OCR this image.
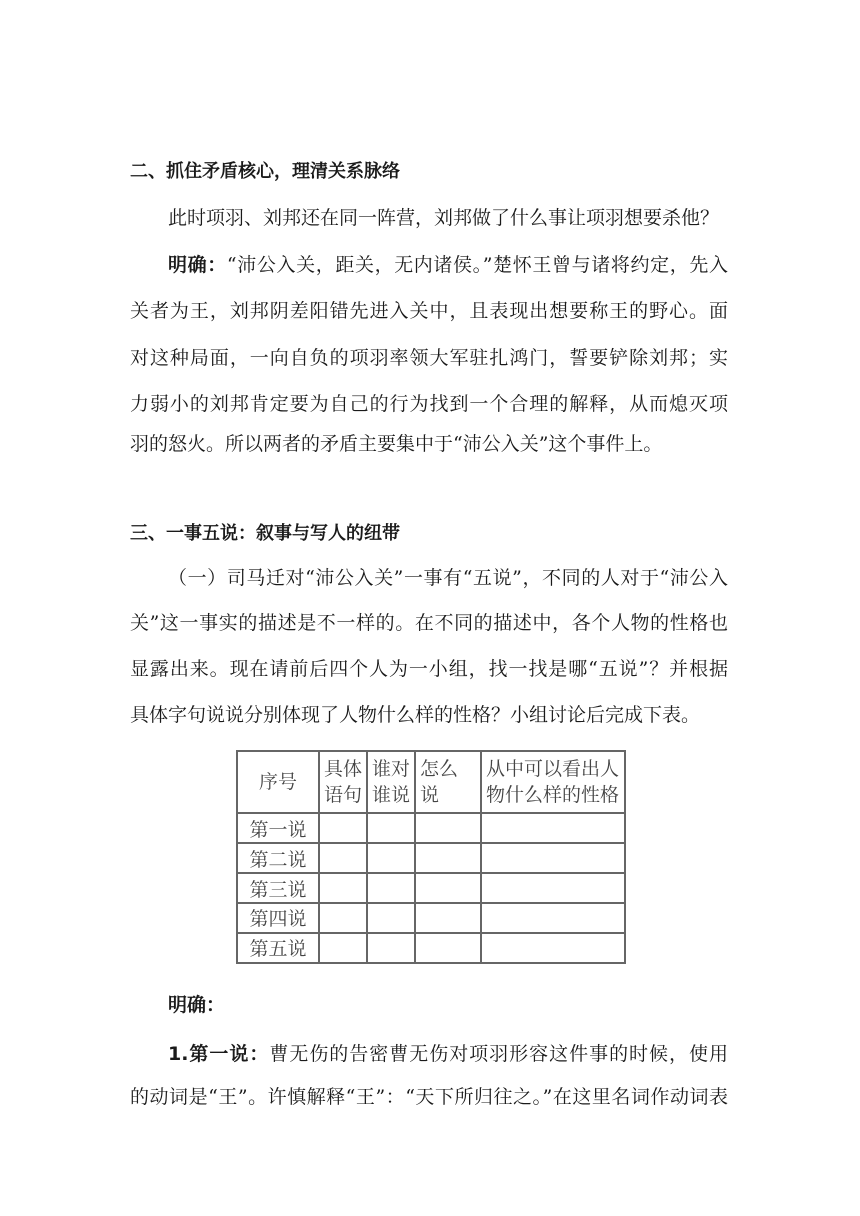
二、抓住矛盾核心，理清关系脉络
此时项羽、刘邦还在同一阵营，刘邦做了什么事让项羽想要杀他？
明确：“沛公入关，距关，无内诸侯。”楚怀王曾与诸将约定，先入
关者为王，刘邦阴差阳错先进入关中，且表现出想要称王的野心。面
对这种局面，一向自负的项羽率领大军驻扎鸿门，誓要铲除刘邦；实
力弱小的刘邦肯定要为自己的行为找到一个合理的解释，从而熄灭项
羽的怒火。所以两者的矛盾主要集中于“沛公入关”这个事件上。
三、一事五说：叙事与写人的纽带
（一）司马迁对“沛公入关”一事有“五说”，不同的人对于“沛公入
关”这一事实的描述是不一样的。在不同的描述中，各个人物的性格也
显露出来。现在请前后四个人为一小组，找一找是哪“五说”？并根据
具体字句说说分别体现了人物什么样的性格？小组讨论后完成下表。
序号	具体语句	谁对谁说	怎么说	从中可以看出人物什么样的性格
第一说				
第二说				
第三说				
第四说				
第五说				
明确：
1.第一说：曹无伤的告密曹无伤对项羽形容这件事的时候，使用
的动词是“王”。许慎解释“王”：“天下所归往之。”在这里名词作动词表
